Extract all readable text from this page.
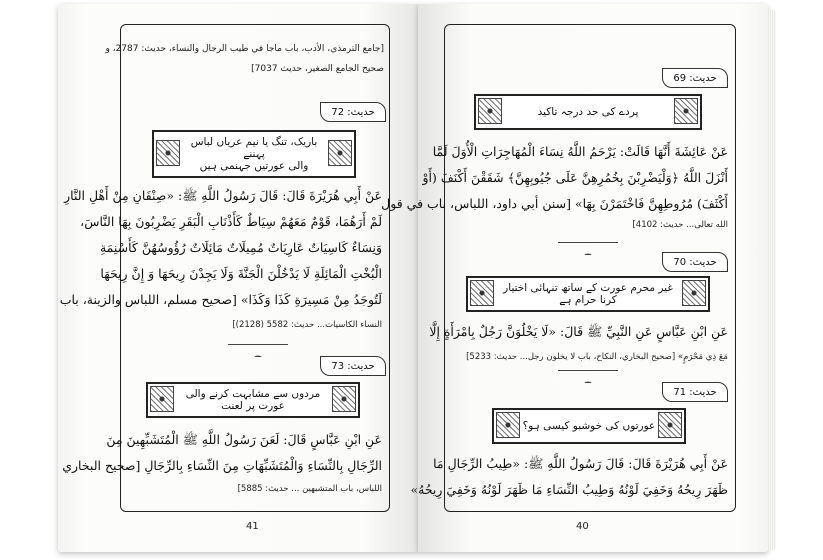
[جامع الترمذي، الأدب، باب ماجا في طيب الرجال والنساء، حديث: 2787، و
صحيح الجامع الصغير، حديث 7037]
حدیث: 72
باریک، تنگ یا نیم عریاں لباس پہننے
والی عورتیں جہنمی ہیں
عَنْ أَبِي هُرَيْرَةَ قَالَ: قَالَ رَسُولُ اللَّهِ ﷺ: «صِنْفَانِ مِنْ أَهْلِ النَّارِ
لَمْ أَرَهُمَا، قَوْمٌ مَعَهُمْ سِيَاطٌ كَأَذْنَابِ الْبَقَرِ يَضْرِبُونَ بِهَا النَّاسَ،
وَنِسَاءٌ كَاسِيَاتٌ عَارِيَاتٌ مُمِيلَاتٌ مَائِلَاتٌ رُؤُوسُهُنَّ كَأَسْنِمَةِ
الْبُخْتِ الْمَائِلَةِ لَا يَدْخُلْنَ الْجَنَّةَ وَلَا يَجِدْنَ رِيحَهَا وَ إِنَّ رِيحَهَا
لَتُوجَدُ مِنْ مَسِيرَةِ كَذَا وَكَذَا» [صحيح مسلم، اللباس والزينة، باب
النساء الكاسيات... حديث: 5582 (2128)]
حدیث: 73
مردوں سے مشابہت کرنے والی عورت پر لعنت
عَنِ ابْنِ عَبَّاسٍ قَالَ: لَعَنَ رَسُولُ اللَّهِ ﷺ الْمُتَشَبِّهِينَ مِنَ
الرِّجَالِ بِالنِّسَاءِ وَالْمُتَشَبِّهَاتِ مِنَ النِّسَاءِ بِالرِّجَالِ [صحيح البخاري
اللباس، باب المتشبهين ... حديث: 5885]
41
حدیث: 69
پردے کی حد درجہ تاکید
عَنْ عَائِشَةَ أَنَّهَا قَالَتْ: يَرْحَمُ اللَّهُ نِسَاءَ الْمُهَاجِرَاتِ الْأُوَلَ لَمَّا
أَنْزَلَ اللَّهُ ﴿وَلْيَضْرِبْنَ بِخُمُرِهِنَّ عَلَى جُيُوبِهِنَّ﴾ شَقَقْنَ أَكْنَفَ (أَوْ
أَكْثَفَ) مُرُوطِهِنَّ فَاخْتَمَرْنَ بِهَا» [سنن أبي داود، اللباس، باب في قول
الله تعالى... حديث: 4102]
حدیث: 70
غیر محرم عورت کے ساتھ تنہائی اختیار کرنا حرام ہے
عَنِ ابْنِ عَبَّاسٍ عَنِ النَّبِيِّ ﷺ قَالَ: «لَا يَخْلُوَنَّ رَجُلٌ بِامْرَأَةٍ إِلَّا
مَعَ ذِي مَحْرَمٍ» [صحيح البخاري، النكاح، باب لا يخلون رجل... حديث: 5233]
حدیث: 71
عورتوں کی خوشبو کیسی ہو؟
عَنْ أَبِي هُرَيْرَةَ قَالَ: قَالَ رَسُولُ اللَّهِ ﷺ: «طِيبُ الرِّجَالِ مَا
ظَهَرَ رِيحُهُ وَخَفِيَ لَوْنُهُ وَطِيبُ النِّسَاءِ مَا ظَهَرَ لَوْنُهُ وَخَفِيَ رِيحُهُ»
40
